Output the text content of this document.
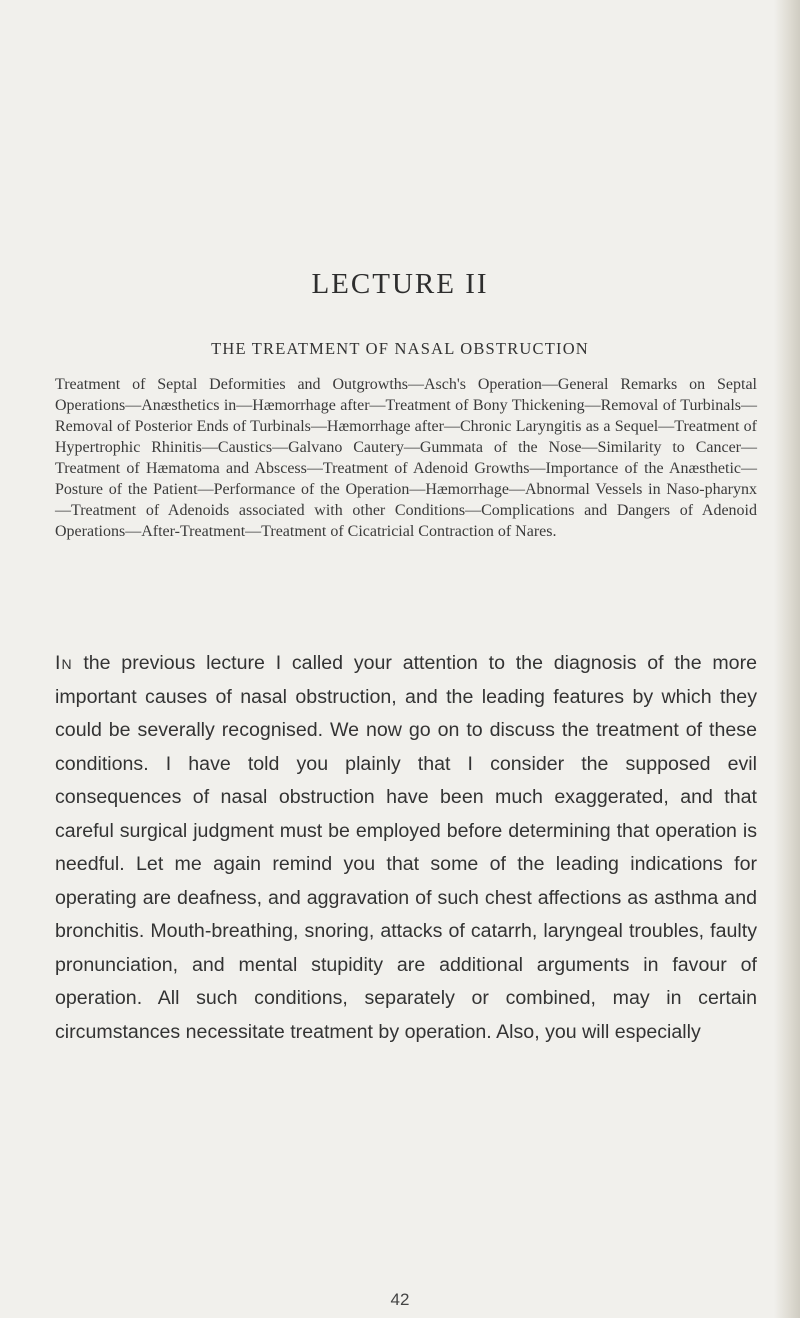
LECTURE II
THE TREATMENT OF NASAL OBSTRUCTION
Treatment of Septal Deformities and Outgrowths—Asch's Operation—General Remarks on Septal Operations—Anæsthetics in—Hæmorrhage after—Treatment of Bony Thickening—Removal of Turbinals—Removal of Posterior Ends of Turbinals—Hæmorrhage after—Chronic Laryngitis as a Sequel—Treatment of Hypertrophic Rhinitis—Caustics—Galvano Cautery—Gummata of the Nose—Similarity to Cancer—Treatment of Hæmatoma and Abscess—Treatment of Adenoid Growths—Importance of the Anæsthetic—Posture of the Patient—Performance of the Operation—Hæmorrhage—Abnormal Vessels in Naso-pharynx—Treatment of Adenoids associated with other Conditions—Complications and Dangers of Adenoid Operations—After-Treatment—Treatment of Cicatricial Contraction of Nares.
In the previous lecture I called your attention to the diagnosis of the more important causes of nasal obstruction, and the leading features by which they could be severally recognised. We now go on to discuss the treatment of these conditions. I have told you plainly that I consider the supposed evil consequences of nasal obstruction have been much exaggerated, and that careful surgical judgment must be employed before determining that operation is needful. Let me again remind you that some of the leading indications for operating are deafness, and aggravation of such chest affections as asthma and bronchitis. Mouth-breathing, snoring, attacks of catarrh, laryngeal troubles, faulty pronunciation, and mental stupidity are additional arguments in favour of operation. All such conditions, separately or combined, may in certain circumstances necessitate treatment by operation. Also, you will especially
42
